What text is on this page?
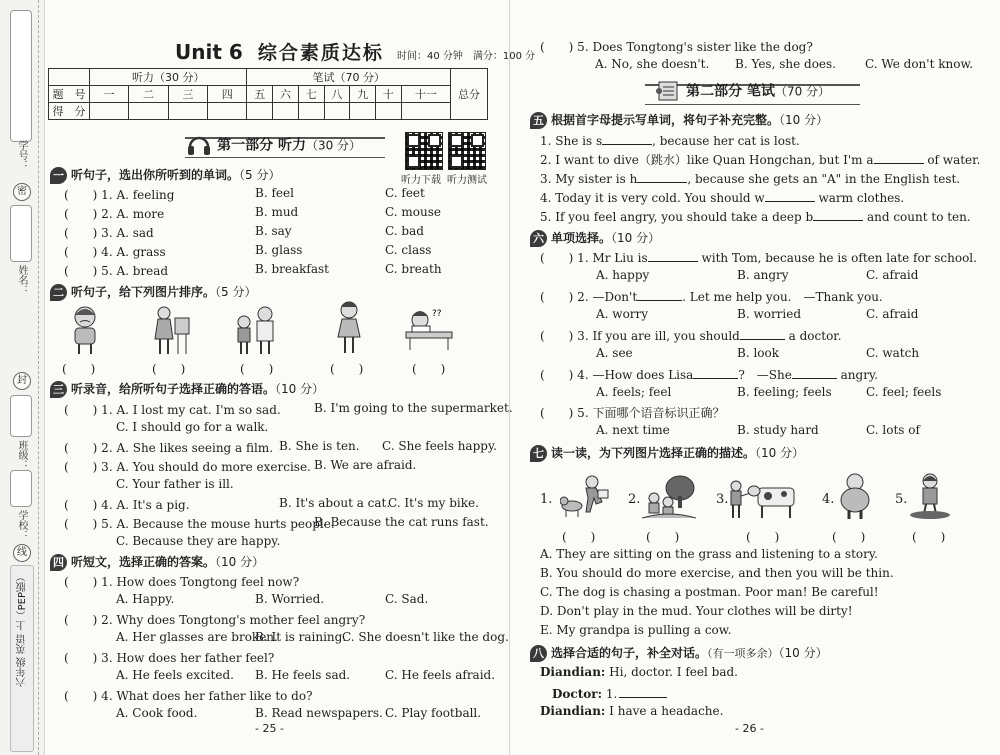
学号：
密
姓名：
封
班级：
学校：
线
六年级 英语 上（PEP版）
Unit 6 综合素质达标 时间：40 分钟　满分：100 分
	听力（30 分）				笔试（70 分）							总分
题　号	一	二	三	四	五	六	七	八	九	十	十一	
得　分												
第一部分 听力（30 分）
听力下载 听力测试
一 听句子，选出你所听到的单词。（5 分）
(　　) 1. A. feeling	B. feel	C. feet
(　　) 2. A. more	B. mud	C. mouse
(　　) 3. A. sad	B. say	C. bad
(　　) 4. A. grass	B. glass	C. class
(　　) 5. A. bread	B. breakfast	C. breath
二 听句子，给下列图片排序。（5 分）
??
(　　)	(　　)	(　　)	(　　)	(　　)
三 听录音，给所听句子选择正确的答语。（10 分）
(　　) 1. A. I lost my cat. I'm so sad.	B. I'm going to the supermarket.
C. I should go for a walk.
(　　) 2. A. She likes seeing a film. B. She is ten. C. She feels happy.
(　　) 3. A. You should do more exercise. B. We are afraid.
C. Your father is ill.
(　　) 4. A. It's a pig.	B. It's about a cat.
C. It's my bike.
(　　) 5. A. Because the mouse hurts people.
B. Because the cat runs fast.
C. Because they are happy.
四 听短文，选择正确的答案。（10 分）
(　　) 1. How does Tongtong feel now?
A. Happy.	B. Worried.	C. Sad.
(　　) 2. Why does Tongtong's mother feel angry?
A. Her glasses are broken.
B. It is raining.
C. She doesn't like the dog.
(　　) 3. How does her father feel?
A. He feels excited. B. He feels sad.	C. He feels afraid.
(　　) 4. What does her father like to do?
A. Cook food.	B. Read newspapers. C. Play football.
- 25 -
(　　) 5. Does Tongtong's sister like the dog?
A. No, she doesn't. B. Yes, she does. C. We don't know.
第二部分 笔试（70 分）
五 根据首字母提示写单词，将句子补充完整。（10 分）
1. She is s	, because her cat is lost.
2. I want to dive（跳水）like Quan Hongchan, but I'm a	of water.
3. My sister is h	, because she gets an "A" in the English test.
4. Today it is very cold. You should w	warm clothes.
5. If you feel angry, you should take a deep b	and count to ten.
六 单项选择。（10 分）
(　　) 1. Mr Liu is	with Tom, because he is often late for school.
A. happy	B. angry	C. afraid
(　　) 2. —Don't	. Let me help you.　—Thank you.
A. worry	B. worried	C. afraid
(　　) 3. If you are ill, you should	a doctor.
A. see	B. look	C. watch
(　　) 4. —How does Lisa	?　—She	angry.
A. feels; feel	B. feeling; feels	C. feel; feels
(　　) 5. 下面哪个语音标识正确？
A. next time	B. study hard	C. lots of
七 读一读，为下列图片选择正确的描述。（10 分）
1.	2.	3.	4.	5.
(　　)	(　　)	(　　)	(　　)	(　　)
A. They are sitting on the grass and listening to a story.
B. You should do more exercise, and then you will be thin.
C. The dog is chasing a postman. Poor man! Be careful!
D. Don't play in the mud. Your clothes will be dirty!
E. My grandpa is pulling a cow.
八 选择合适的句子，补全对话。（有一项多余）（10 分）
Diandian: Hi, doctor. I feel bad.
Doctor: 1.
Diandian: I have a headache.
- 26 -
